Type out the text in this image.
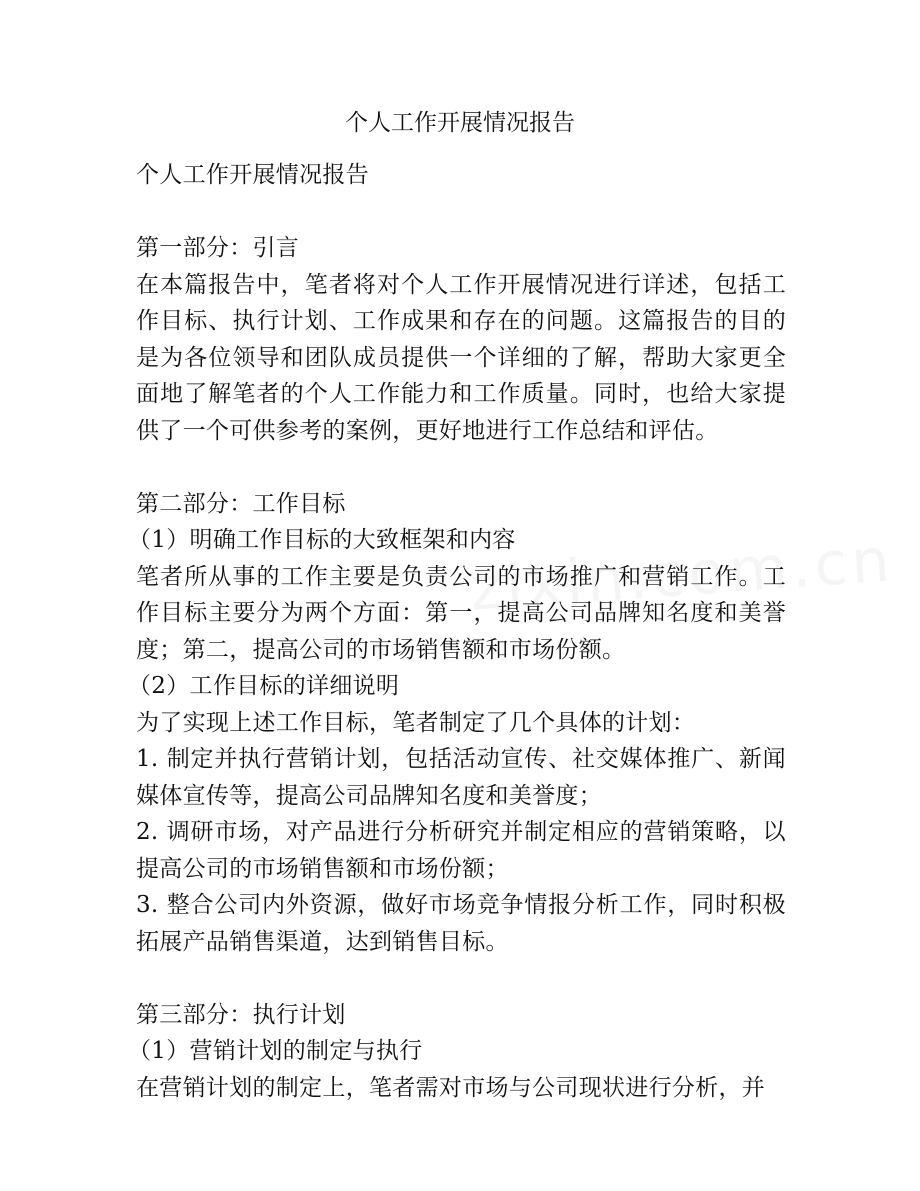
个人工作开展情况报告

个人工作开展情况报告

第一部分：引言

在本篇报告中，笔者将对个人工作开展情况进行详述，包括工作目标、执行计划、工作成果和存在的问题。这篇报告的目的是为各位领导和团队成员提供一个详细的了解，帮助大家更全面地了解笔者的个人工作能力和工作质量。同时，也给大家提供了一个可供参考的案例，更好地进行工作总结和评估。

第二部分：工作目标

（1）明确工作目标的大致框架和内容

笔者所从事的工作主要是负责公司的市场推广和营销工作。工作目标主要分为两个方面：第一，提高公司品牌知名度和美誉度；第二，提高公司的市场销售额和市场份额。

（2）工作目标的详细说明

为了实现上述工作目标，笔者制定了几个具体的计划：

1. 制定并执行营销计划，包括活动宣传、社交媒体推广、新闻媒体宣传等，提高公司品牌知名度和美誉度；

2. 调研市场，对产品进行分析研究并制定相应的营销策略，以提高公司的市场销售额和市场份额；

3. 整合公司内外资源，做好市场竞争情报分析工作，同时积极拓展产品销售渠道，达到销售目标。

第三部分：执行计划

（1）营销计划的制定与执行

在营销计划的制定上，笔者需对市场与公司现状进行分析，并
